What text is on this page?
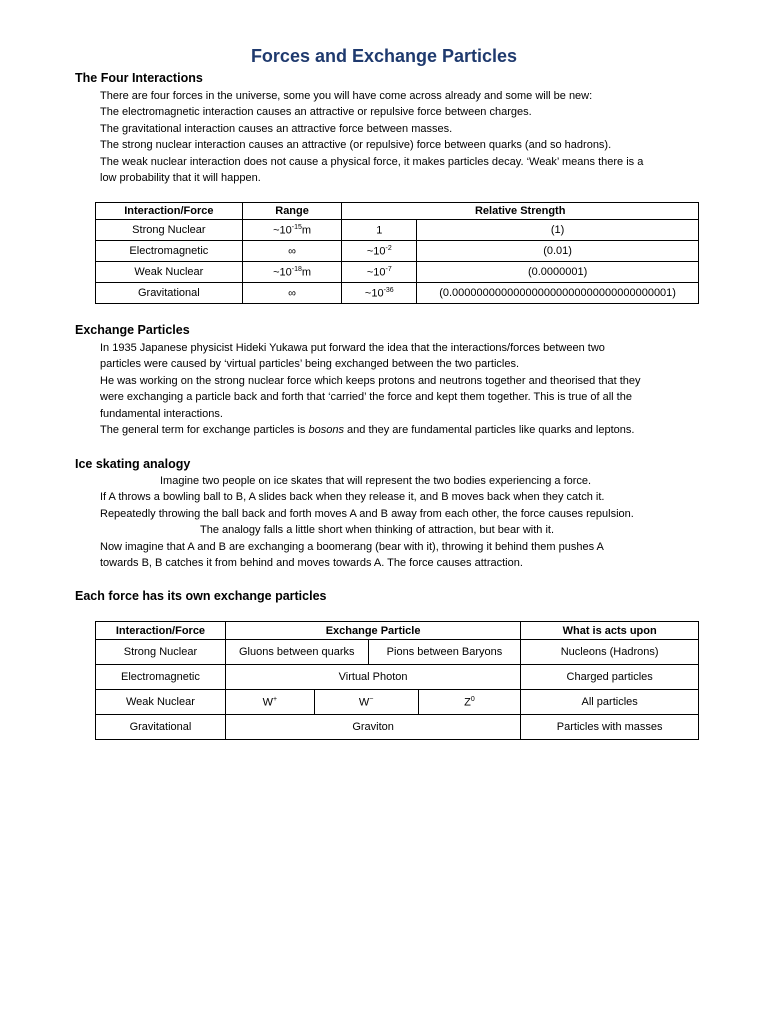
Forces and Exchange Particles
The Four Interactions
There are four forces in the universe, some you will have come across already and some will be new:
The electromagnetic interaction causes an attractive or repulsive force between charges.
The gravitational interaction causes an attractive force between masses.
The strong nuclear interaction causes an attractive (or repulsive) force between quarks (and so hadrons).
The weak nuclear interaction does not cause a physical force, it makes particles decay. ‘Weak’ means there is a
low probability that it will happen.
Interaction/Force	Range	Relative Strength	
Strong Nuclear	$\sim 10^{-15}m$	1	(1)
Electromagnetic	∞	$\sim 10^{-2}$	(0.01)
Weak Nuclear	$\sim 10^{-18}m$	$\sim 10^{-7}$	(0.0000001)
Gravitational	∞	$\sim 10^{-36}$	(0.000000000000000000000000000000000001)
Exchange Particles
In 1935 Japanese physicist Hideki Yukawa put forward the idea that the interactions/forces between two
particles were caused by ‘virtual particles’ being exchanged between the two particles.
He was working on the strong nuclear force which keeps protons and neutrons together and theorised that they
were exchanging a particle back and forth that ‘carried’ the force and kept them together. This is true of all the
fundamental interactions.
The general term for exchange particles is bosons and they are fundamental particles like quarks and leptons.
Ice skating analogy
Imagine two people on ice skates that will represent the two bodies experiencing a force.
If A throws a bowling ball to B, A slides back when they release it, and B moves back when they catch it.
Repeatedly throwing the ball back and forth moves A and B away from each other, the force causes repulsion.
The analogy falls a little short when thinking of attraction, but bear with it.
Now imagine that A and B are exchanging a boomerang (bear with it), throwing it behind them pushes A
towards B, B catches it from behind and moves towards A. The force causes attraction.
Each force has its own exchange particles
Interaction/Force	Exchange Particle				What is acts upon
Strong Nuclear	Gluons between quarks		Pions between Baryons		Nucleons (Hadrons)
Electromagnetic	Virtual Photon				Charged particles
Weak Nuclear	W+	W−		$Z^0$	All particles
Gravitational	Graviton				Particles with masses
